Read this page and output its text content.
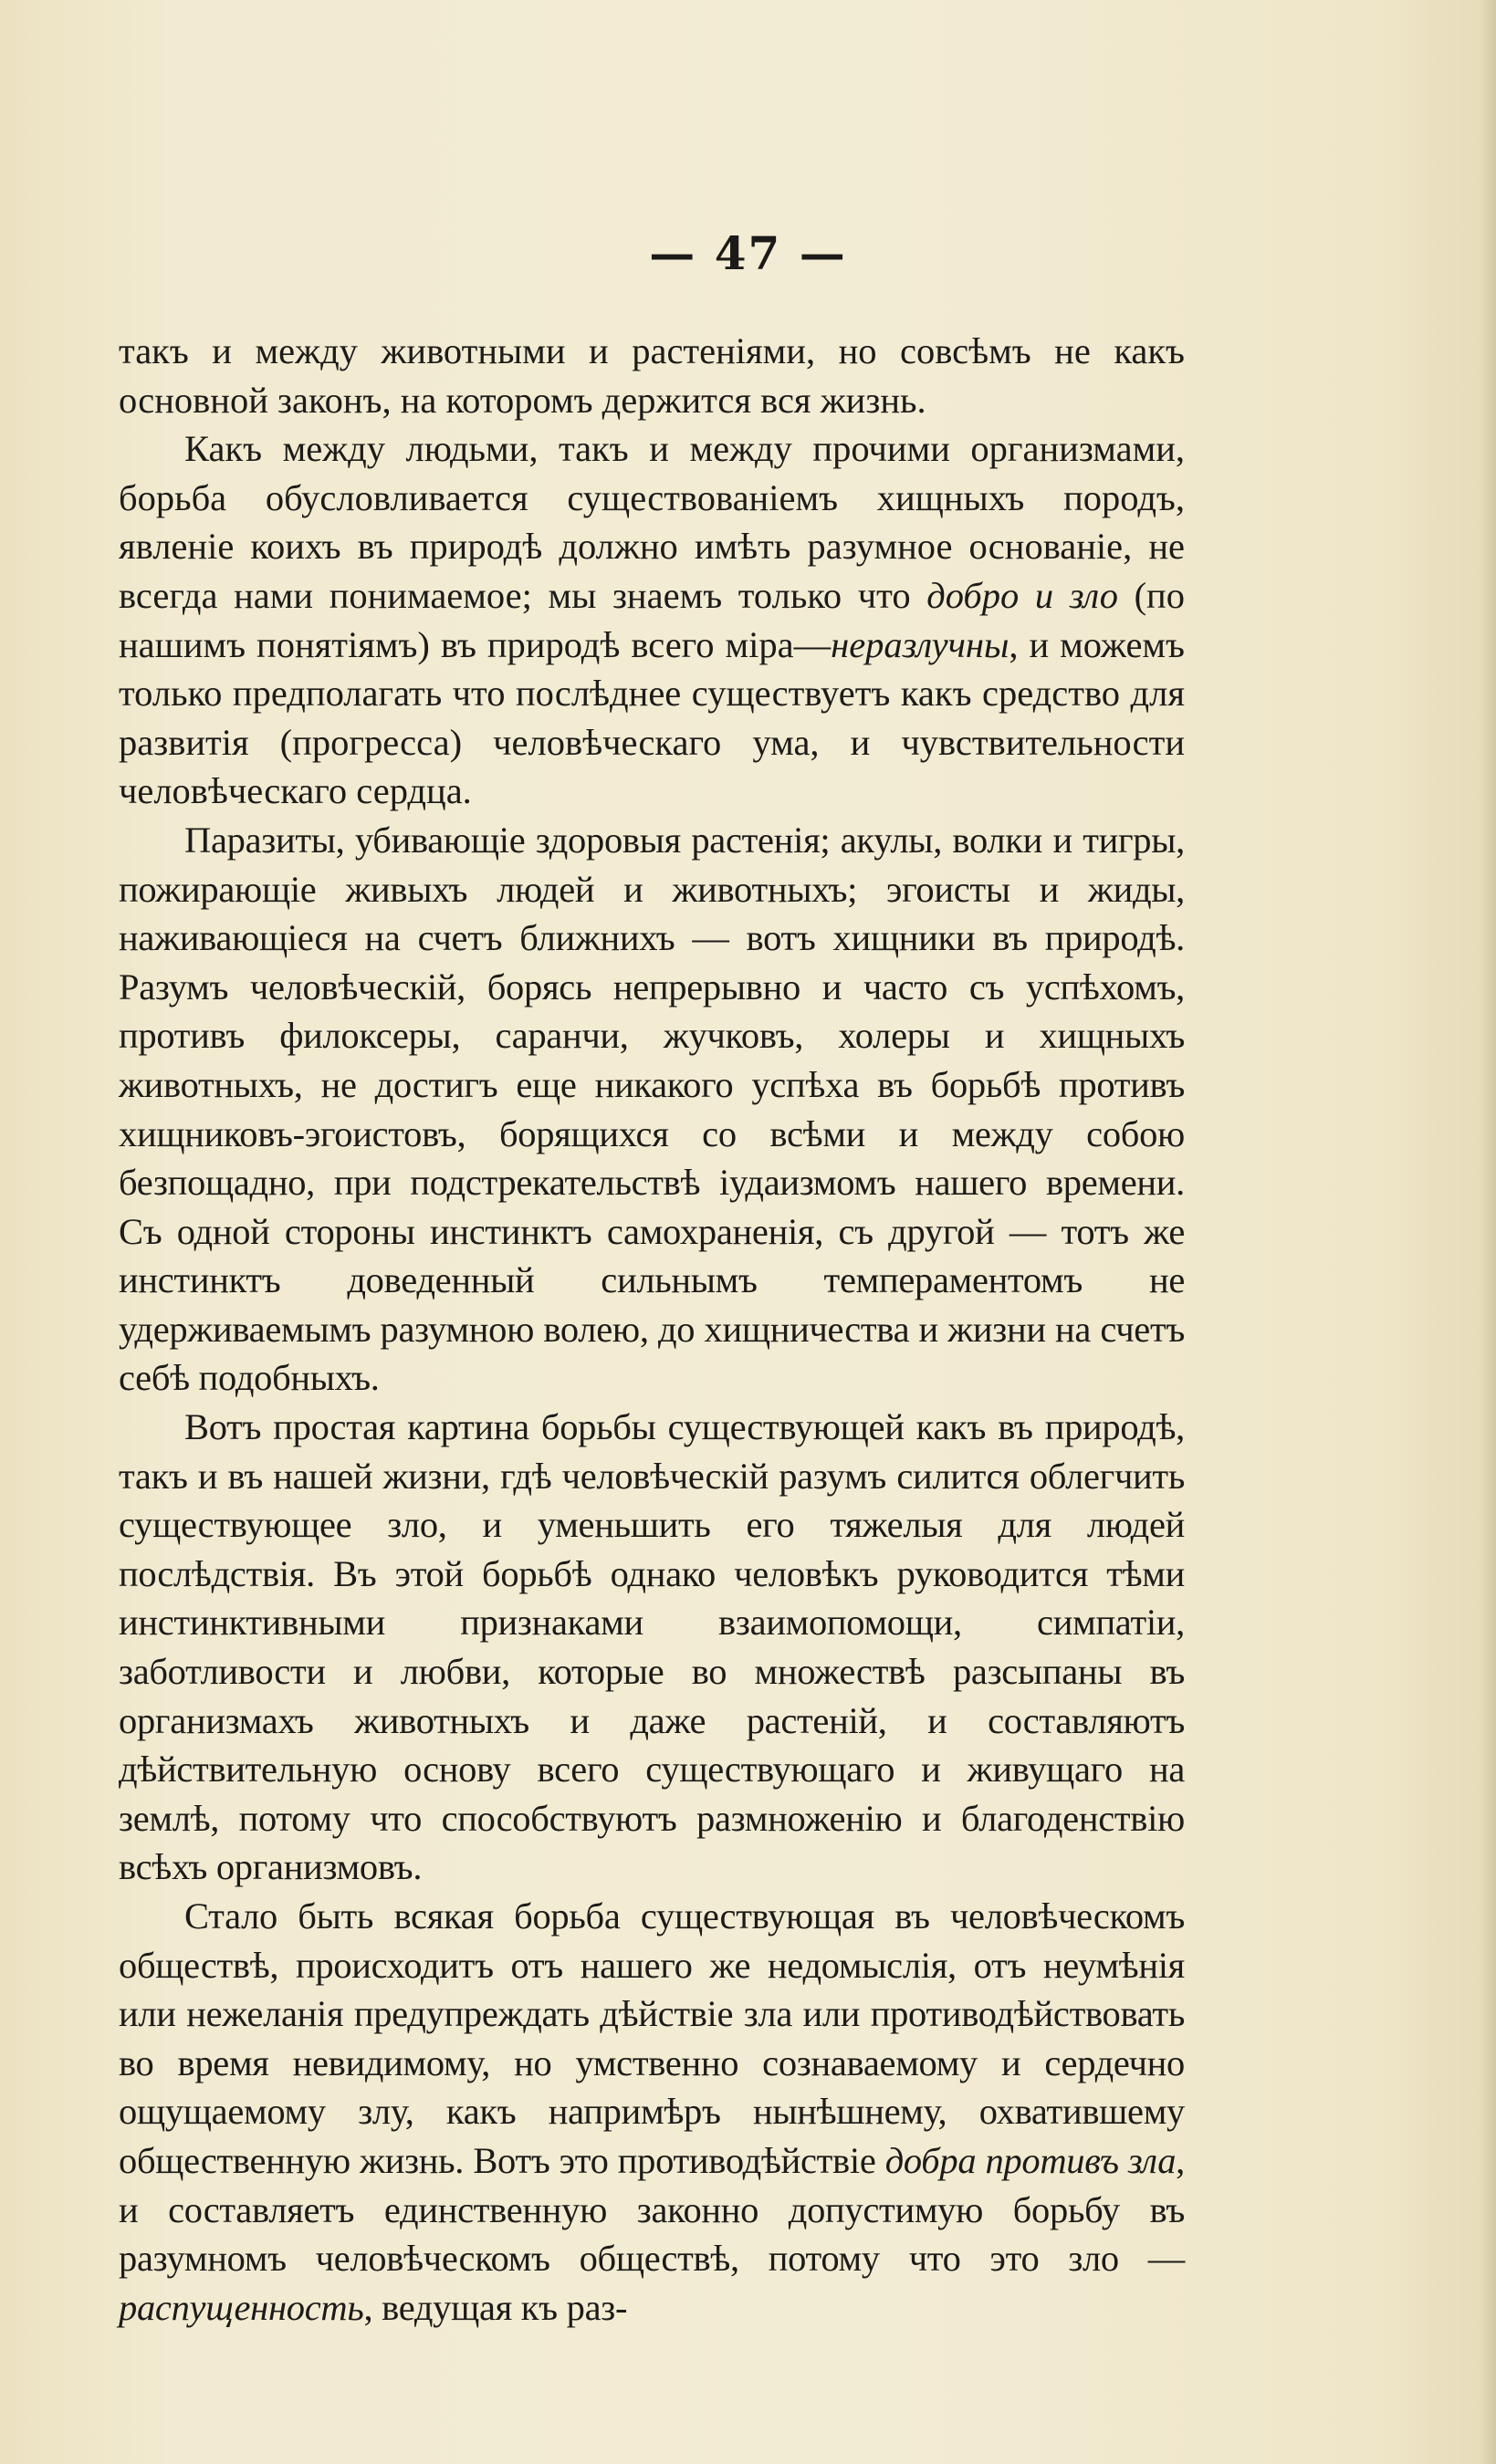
— 47 —

такъ и между животными и растеніями, но совсѣмъ не какъ основной законъ, на которомъ держится вся жизнь.

Какъ между людьми, такъ и между прочими организмами, борьба обусловливается существованіемъ хищныхъ породъ, явленіе коихъ въ природѣ должно имѣть разумное основаніе, не всегда нами понимаемое; мы знаемъ только что добро и зло (по нашимъ понятіямъ) въ природѣ всего міра—неразлучны, и можемъ только предполагать что послѣднее существуетъ какъ средство для развитія (прогресса) человѣческаго ума, и чувствительности человѣческаго сердца.

Паразиты, убивающіе здоровыя растенія; акулы, волки и тигры, пожирающіе живыхъ людей и животныхъ; эгоисты и жиды, наживающіеся на счетъ ближнихъ — вотъ хищники въ природѣ. Разумъ человѣческій, борясь непрерывно и часто съ успѣхомъ, противъ филоксеры, саранчи, жучковъ, холеры и хищныхъ животныхъ, не достигъ еще никакого успѣха въ борьбѣ противъ хищниковъ-эгоистовъ, борящихся со всѣми и между собою безпощадно, при подстрекательствѣ іудаизмомъ нашего времени. Съ одной стороны инстинктъ самохраненія, съ другой — тотъ же инстинктъ доведенный сильнымъ темпераментомъ не удерживаемымъ разумною волею, до хищничества и жизни на счетъ себѣ подобныхъ.

Вотъ простая картина борьбы существующей какъ въ природѣ, такъ и въ нашей жизни, гдѣ человѣческій разумъ силится облегчить существующее зло, и уменьшить его тяжелыя для людей послѣдствія. Въ этой борьбѣ однако человѣкъ руководится тѣми инстинктивными признаками взаимопомощи, симпатіи, заботливости и любви, которые во множествѣ разсыпаны въ организмахъ животныхъ и даже растеній, и составляютъ дѣйствительную основу всего существующаго и живущаго на землѣ, потому что способствуютъ размноженію и благоденствію всѣхъ организмовъ.

Стало быть всякая борьба существующая въ человѣческомъ обществѣ, происходитъ отъ нашего же недомыслія, отъ неумѣнія или нежеланія предупреждать дѣйствіе зла или противодѣйствовать во время невидимому, но умственно сознаваемому и сердечно ощущаемому злу, какъ напримѣръ нынѣшнему, охватившему общественную жизнь. Вотъ это противодѣйствіе добра противъ зла, и составляетъ единственную законно допустимую борьбу въ разумномъ человѣческомъ обществѣ, потому что это зло — распущенность, ведущая къ раз-
